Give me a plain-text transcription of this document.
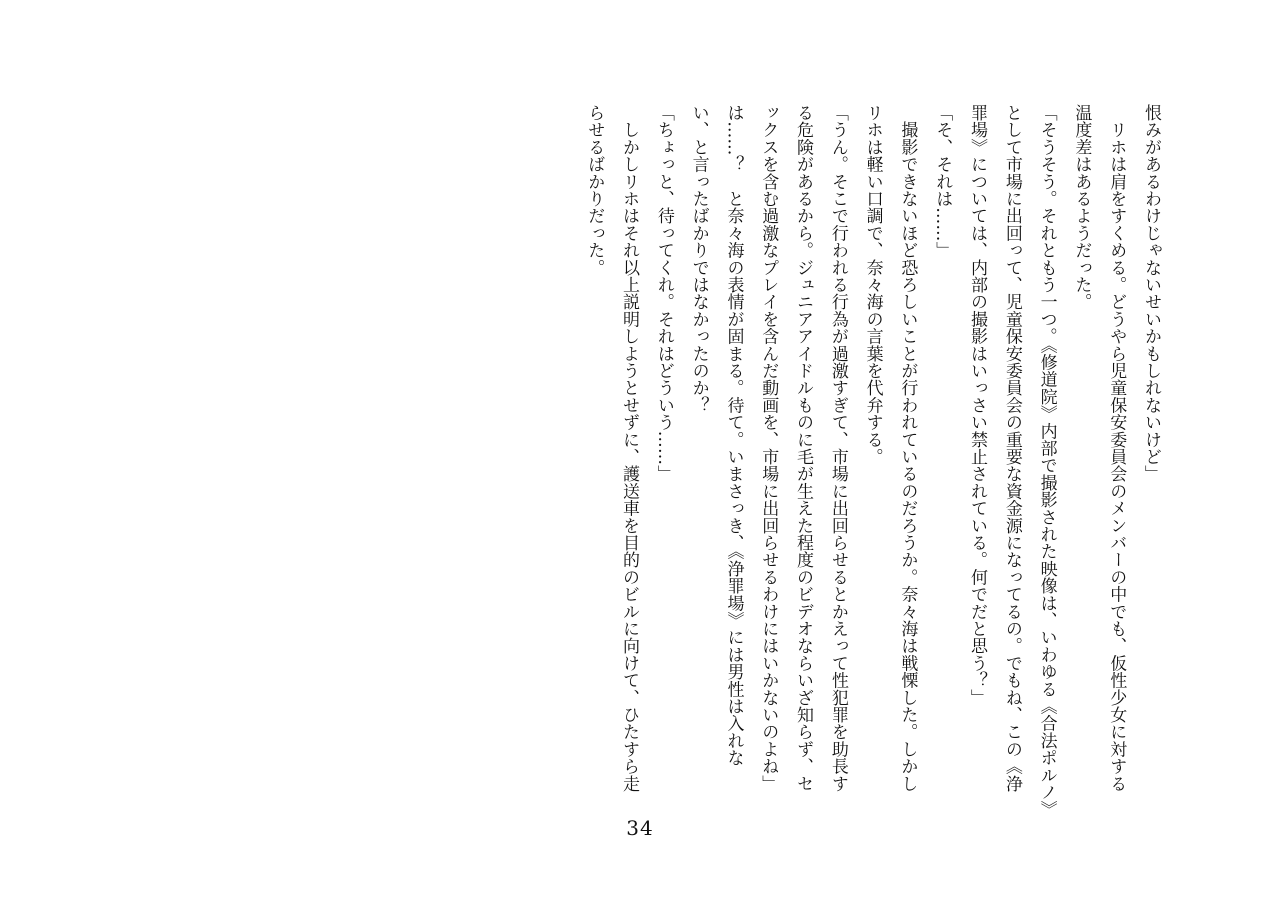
恨みがあるわけじゃないせいかもしれないけど」
　リホは肩をすくめる。どうやら児童保安委員会のメンバーの中でも、仮性少女に対する
温度差はあるようだった。
「そうそう。それともう一つ。《修道院》内部で撮影された映像は、いわゆる《合法ポルノ》
として市場に出回って、児童保安委員会の重要な資金源になってるの。でもね、この《浄
罪場》については、内部の撮影はいっさい禁止されている。何でだと思う？」
「そ、それは……」
　撮影できないほど恐ろしいことが行われているのだろうか。奈々海は戦慄した。しかし
リホは軽い口調で、奈々海の言葉を代弁する。
「うん。そこで行われる行為が過激すぎて、市場に出回らせるとかえって性犯罪を助長す
る危険があるから。ジュニアアイドルものに毛が生えた程度のビデオならいざ知らず、セ
ックスを含む過激なプレイを含んだ動画を、市場に出回らせるわけにはいかないのよね」
は……？　と奈々海の表情が固まる。待て。いまさっき、《浄罪場》には男性は入れな
い、と言ったばかりではなかったのか？
「ちょっと、待ってくれ。それはどういう……」
　しかしリホはそれ以上説明しようとせずに、護送車を目的のビルに向けて、ひたすら走
らせるばかりだった。
34
